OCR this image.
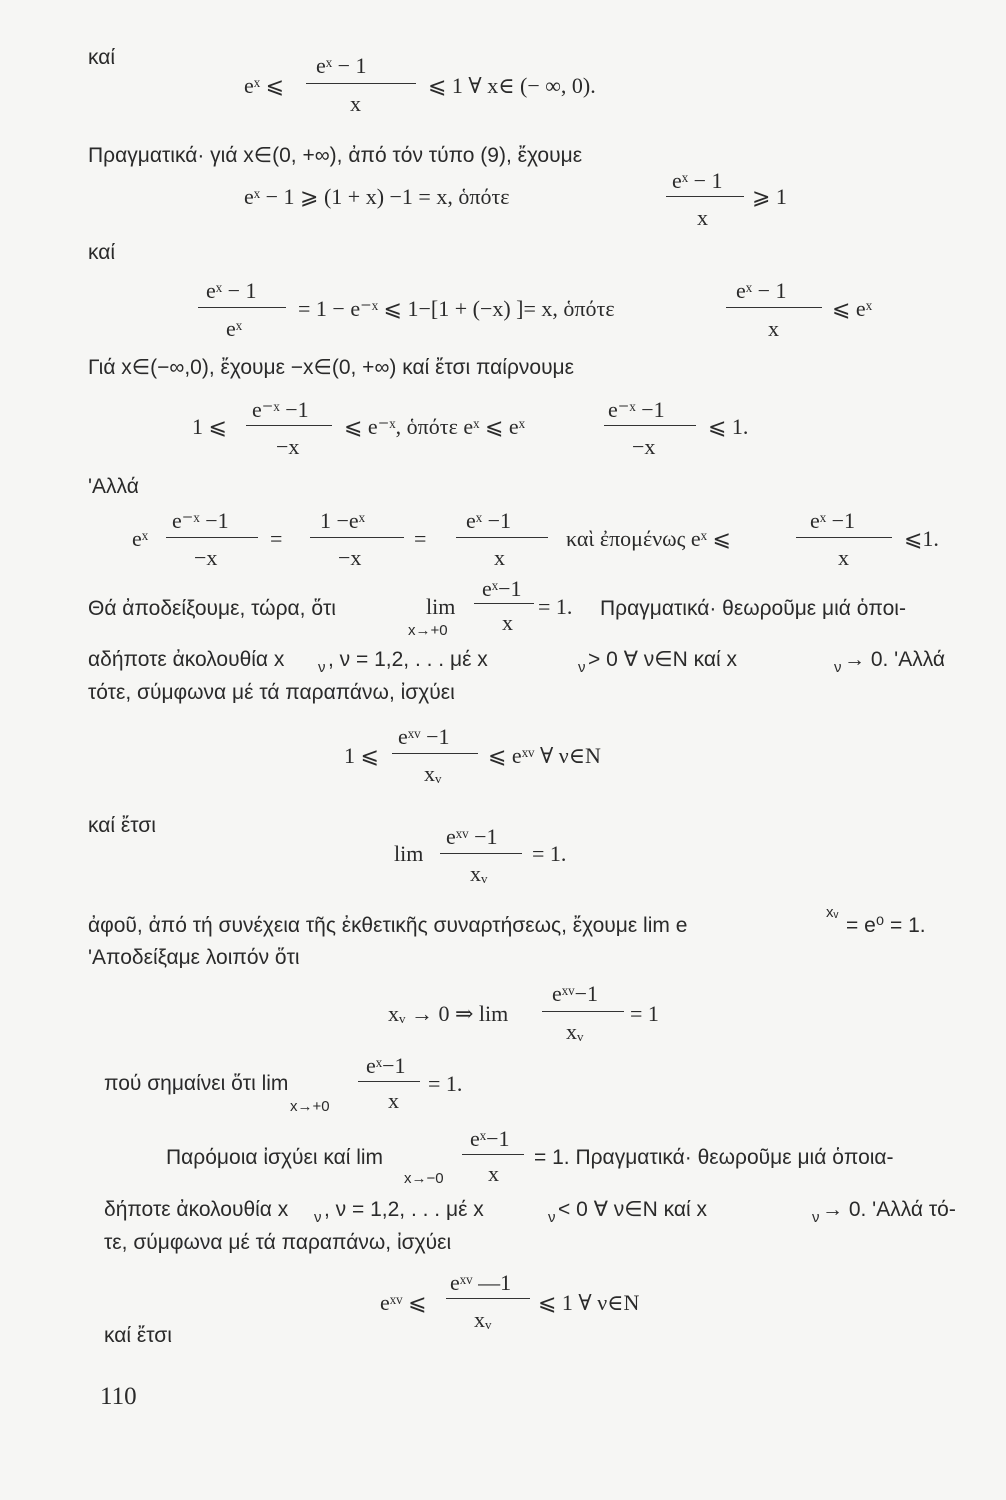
καί
eˣ ⩽
eˣ − 1
x
⩽ 1 ∀ x∈ (− ∞, 0).
Πραγματικά· γιά x∈(0, +∞), ἀπό τόν τύπο (9), ἔχουμε
eˣ − 1 ⩾ (1 + x) −1 = x, ὁπότε
eˣ − 1
x
⩾ 1
καί
eˣ − 1
eˣ
= 1 − e⁻ˣ ⩽ 1−[1 + (−x) ]= x, ὁπότε
eˣ − 1
x
⩽ eˣ
Γιά x∈(−∞,0), ἔχουμε −x∈(0, +∞) καί ἔτσι παίρνουμε
1 ⩽
e⁻ˣ −1
−x
⩽ e⁻ˣ, ὁπότε eˣ ⩽ eˣ
e⁻ˣ −1
−x
⩽ 1.
'Αλλά
eˣ
e⁻ˣ −1
−x
=
1 −eˣ
−x
=
eˣ −1
x
καὶ ἐπομένως eˣ ⩽
eˣ −1
x
⩽1.
Θά ἀποδείξουμε, τώρα, ὅτι	lim
x→+0
eˣ−1
x
= 1. Πραγματικά· θεωροῦμε μιά ὁποι-
αδήποτε ἀκολουθία x ν , ν = 1,2, . . . μέ x	ν > 0 ∀ ν∈N καί x	ν → 0. 'Αλλά
τότε, σύμφωνα μέ τά παραπάνω, ἰσχύει
1 ⩽
eˣᵛ −1
xᵥ
⩽ eˣᵛ ∀ ν∈N
καί ἔτσι
lim
eˣᵛ −1
xᵥ
= 1.
ἀφοῦ, ἀπό τή συνέχεια τῆς ἐκθετικῆς συναρτήσεως, ἔχουμε lim e
xᵥ
= e⁰ = 1.
'Αποδείξαμε λοιπόν ὅτι
xᵥ → 0 ⇒ lim
eˣᵛ−1
xᵥ
= 1
πού σημαίνει ὅτι lim
x→+0
eˣ−1
x
= 1.
Παρόμοια ἰσχύει καί lim
x→−0
eˣ−1
x
= 1. Πραγματικά· θεωροῦμε μιά ὁποια-
δήποτε ἀκολουθία x ν , ν = 1,2, . . . μέ x	ν < 0 ∀ ν∈N καί x	ν → 0. 'Αλλά τό-
τε, σύμφωνα μέ τά παραπάνω, ἰσχύει
eˣᵛ ⩽
eˣᵛ —1
xᵥ
⩽ 1 ∀ ν∈N
καί ἔτσι
110
